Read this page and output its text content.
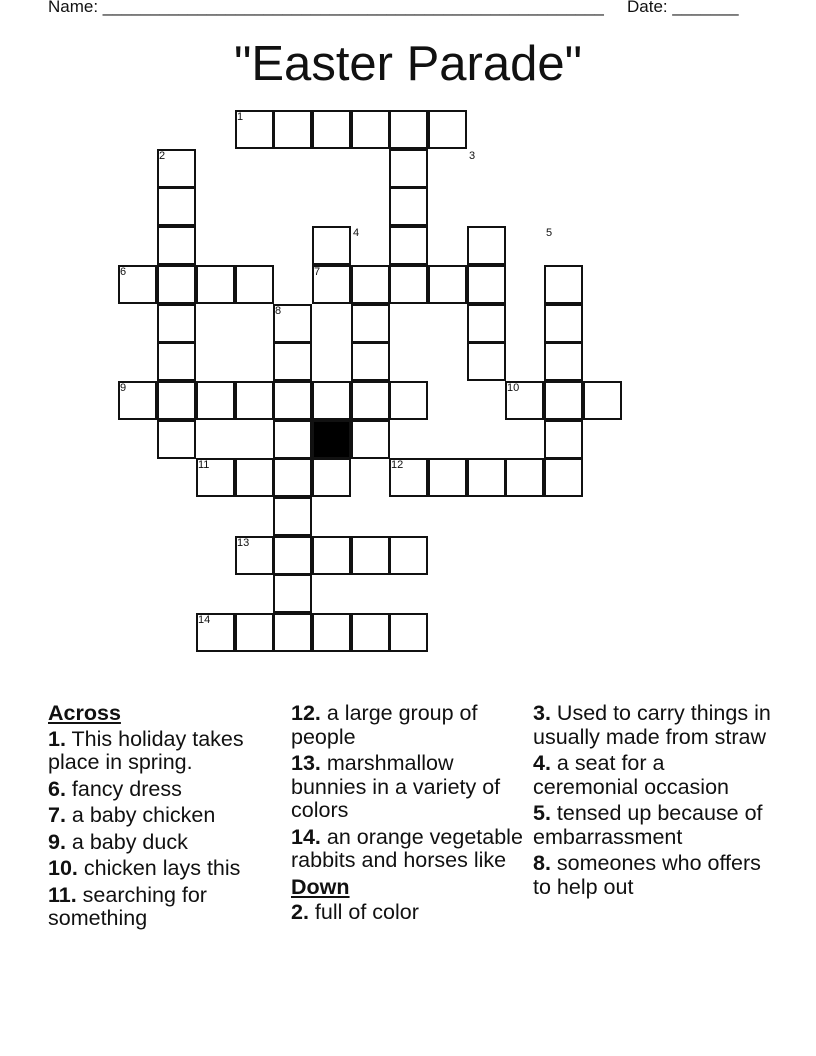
Name: _____________________________________________________ Date: _______
"Easter Parade"
1
2	3
4	5
6	7
8
9	10
11	12
13
14
Across

1. This holiday takes place in spring.

6. fancy dress

7. a baby chicken

9. a baby duck

10. chicken lays this

11. searching for something

12. a large group of people

13. marshmallow bunnies in a variety of colors

14. an orange vegetable rabbits and horses like

Down

2. full of color

3. Used to carry things in usually made from straw

4. a seat for a ceremonial occasion

5. tensed up because of embarrassment

8. someones who offers to help out
